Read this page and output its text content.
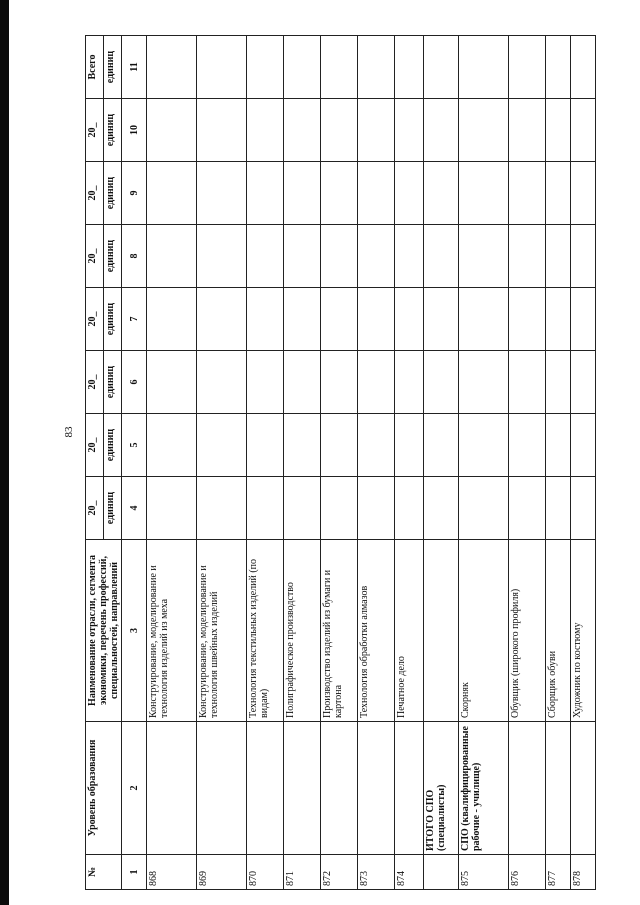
83
№	Уровень образования	Наименование отрасли, сегмента экономики, перечень профессий, специальностей, направлений	20_	20_	20_	20_	20_	20_	20_	Всего
			единиц	единиц	единиц	единиц	единиц	единиц	единиц	единиц
1	2	3	4	5	6	7	8	9	10	11
868		Конструирование, моделирование и технология изделий из меха								
869		Конструирование, моделирование и технология швейных изделий								
870		Технология текстильных изделий (по видам)								
871		Полиграфическое производство								
872		Производство изделий из бумаги и картона								
873		Технология обработки алмазов								
874		Печатное дело								
	ИТОГО СПО (специалисты)									
875	СПО (квалифицированные рабочие - училище)	Скорняк								
876		Обувщик (широкого профиля)								
877		Сборщик обуви								
878		Художник по костюму								
